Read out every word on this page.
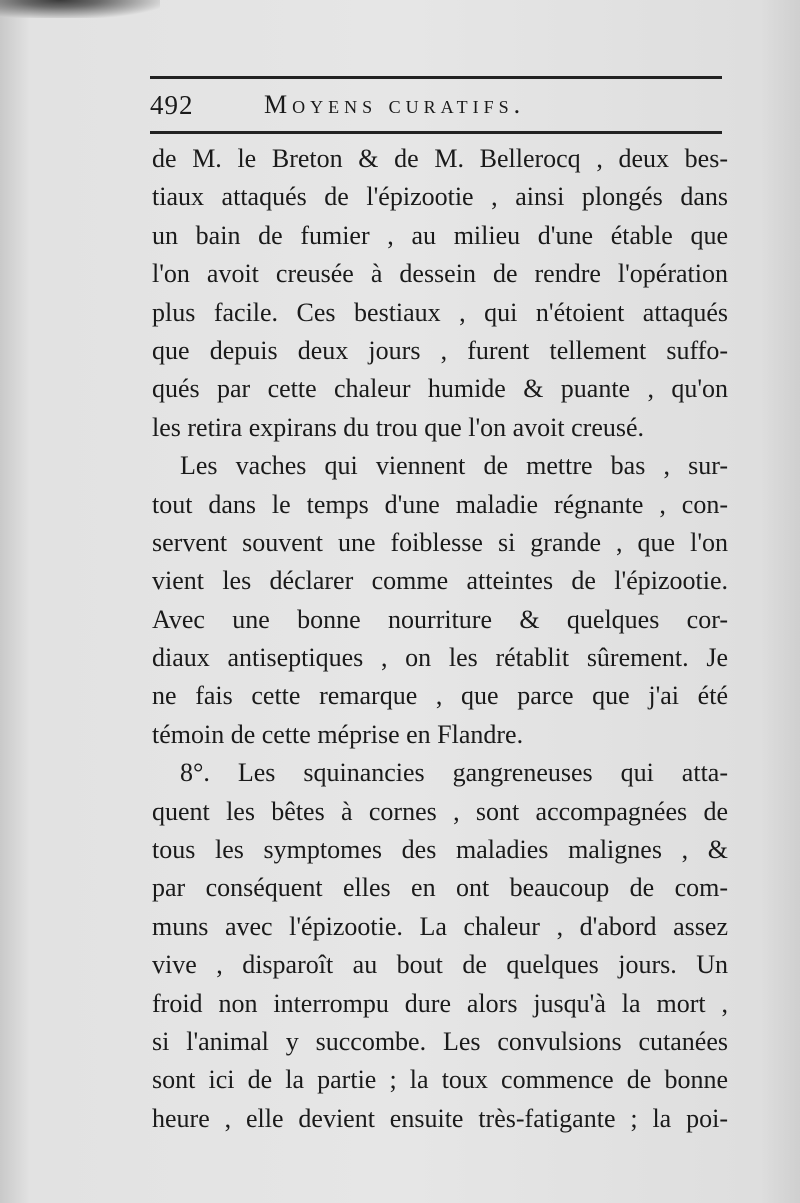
492	Moyens curatifs.
de M. le Breton & de M. Bellerocq , deux bes-
tiaux attaqués de l'épizootie , ainsi plongés dans
un bain de fumier , au milieu d'une étable que
l'on avoit creusée à dessein de rendre l'opération
plus facile. Ces bestiaux , qui n'étoient attaqués
que depuis deux jours , furent tellement suffo-
qués par cette chaleur humide & puante , qu'on
les retira expirans du trou que l'on avoit creusé.
Les vaches qui viennent de mettre bas , sur-
tout dans le temps d'une maladie régnante , con-
servent souvent une foiblesse si grande , que l'on
vient les déclarer comme atteintes de l'épizootie.
Avec une bonne nourriture & quelques cor-
diaux antiseptiques , on les rétablit sûrement. Je
ne fais cette remarque , que parce que j'ai été
témoin de cette méprise en Flandre.
8°. Les squinancies gangreneuses qui atta-
quent les bêtes à cornes , sont accompagnées de
tous les symptomes des maladies malignes , &
par conséquent elles en ont beaucoup de com-
muns avec l'épizootie. La chaleur , d'abord assez
vive , disparoît au bout de quelques jours. Un
froid non interrompu dure alors jusqu'à la mort ,
si l'animal y succombe. Les convulsions cutanées
sont ici de la partie ; la toux commence de bonne
heure , elle devient ensuite très-fatigante ; la poi-
